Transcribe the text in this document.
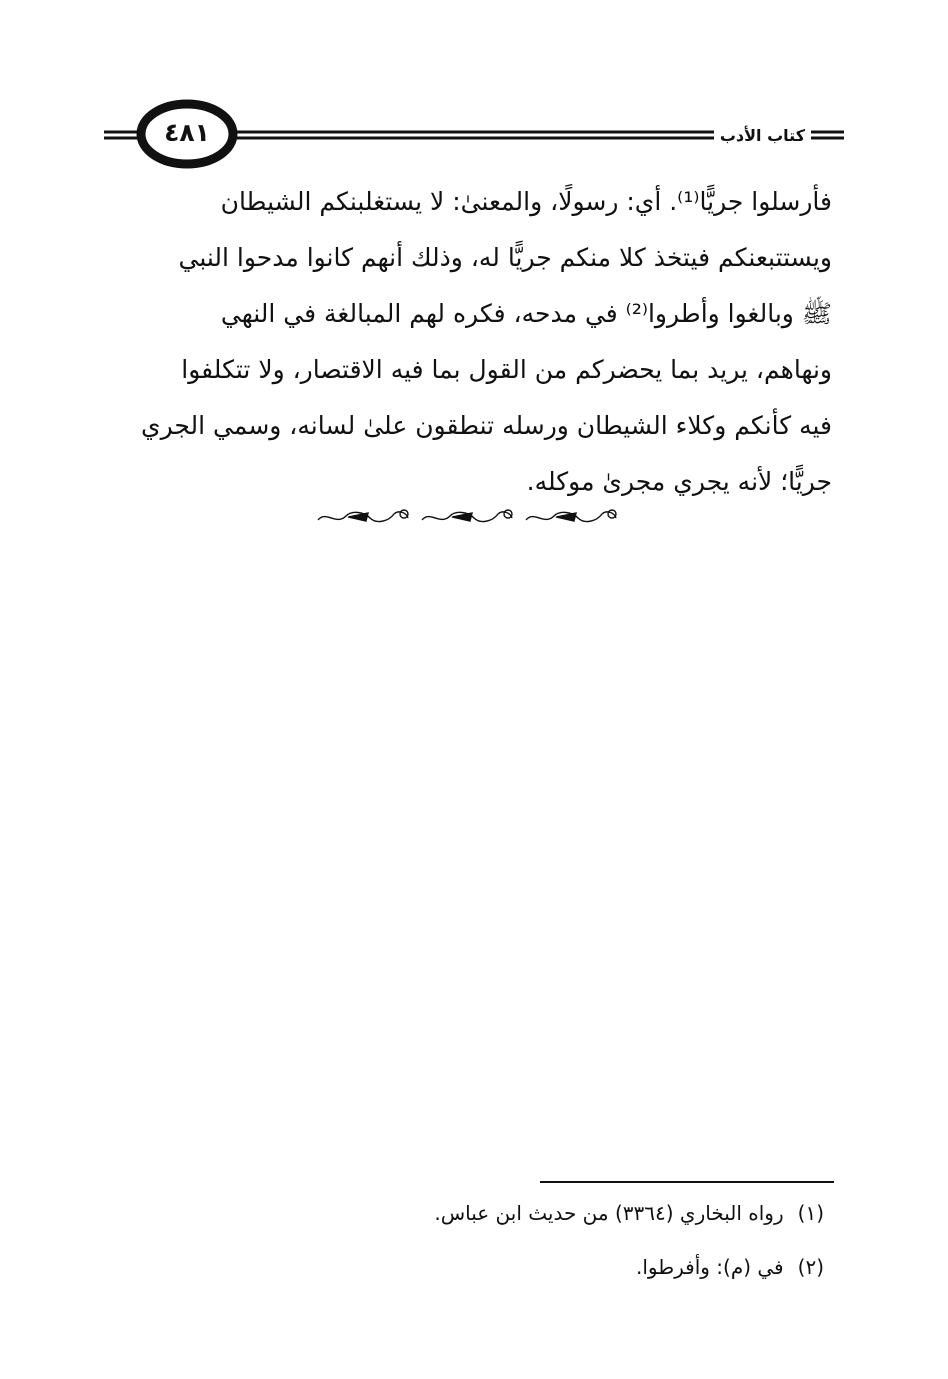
٤٨١	كتاب الأدب
فأرسلوا جريًّا⁽¹⁾. أي: رسولًا، والمعنىٰ: لا يستغلبنكم الشيطان
ويستتبعنكم فيتخذ كلا منكم جريًّا له، وذلك أنهم كانوا مدحوا النبي
ﷺ وبالغوا وأطروا⁽²⁾ في مدحه، فكره لهم المبالغة في النهي
ونهاهم، يريد بما يحضركم من القول بما فيه الاقتصار، ولا تتكلفوا
فيه كأنكم وكلاء الشيطان ورسله تنطقون علىٰ لسانه، وسمي الجري
جريًّا؛ لأنه يجري مجرىٰ موكله.
(١)رواه البخاري (٣٣٦٤) من حديث ابن عباس.
(٢)في (م): وأفرطوا.
